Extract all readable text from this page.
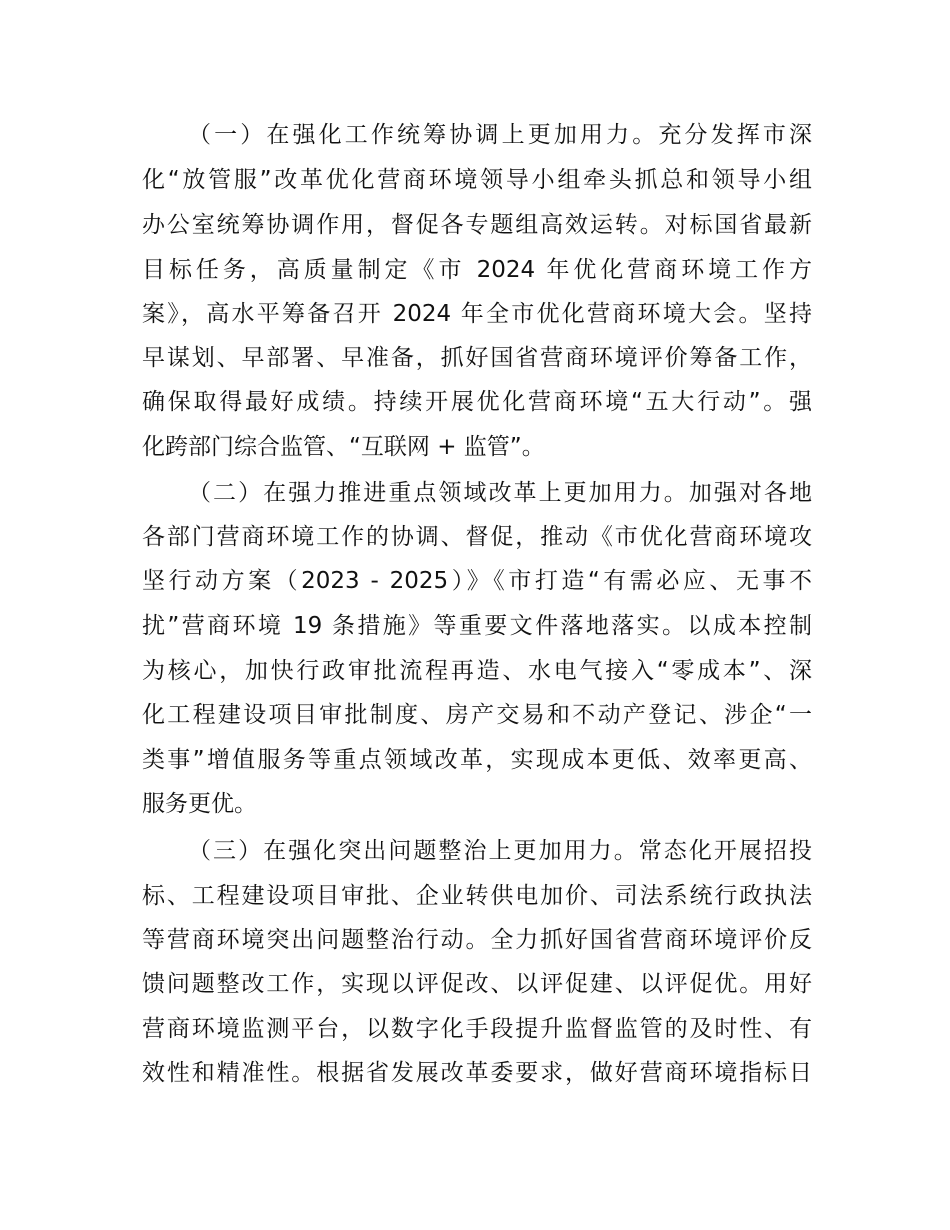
（一）在强化工作统筹协调上更加用力。充分发挥市深
化“放管服”改革优化营商环境领导小组牵头抓总和领导小组
办公室统筹协调作用，督促各专题组高效运转。对标国省最新
目标任务，高质量制定《市 2024 年优化营商环境工作方
案》，高水平筹备召开 2024 年全市优化营商环境大会。坚持
早谋划、早部署、早准备，抓好国省营商环境评价筹备工作，
确保取得最好成绩。持续开展优化营商环境“五大行动”。强
化跨部门综合监管、“互联网 + 监管”。
（二）在强力推进重点领域改革上更加用力。加强对各地
各部门营商环境工作的协调、督促，推动《市优化营商环境攻
坚行动方案（2023 - 2025）》《市打造“有需必应、无事不
扰”营商环境 19 条措施》等重要文件落地落实。以成本控制
为核心，加快行政审批流程再造、水电气接入“零成本”、深
化工程建设项目审批制度、房产交易和不动产登记、涉企“一
类事”增值服务等重点领域改革，实现成本更低、效率更高、
服务更优。
（三）在强化突出问题整治上更加用力。常态化开展招投
标、工程建设项目审批、企业转供电加价、司法系统行政执法
等营商环境突出问题整治行动。全力抓好国省营商环境评价反
馈问题整改工作，实现以评促改、以评促建、以评促优。用好
营商环境监测平台，以数字化手段提升监督监管的及时性、有
效性和精准性。根据省发展改革委要求，做好营商环境指标日
